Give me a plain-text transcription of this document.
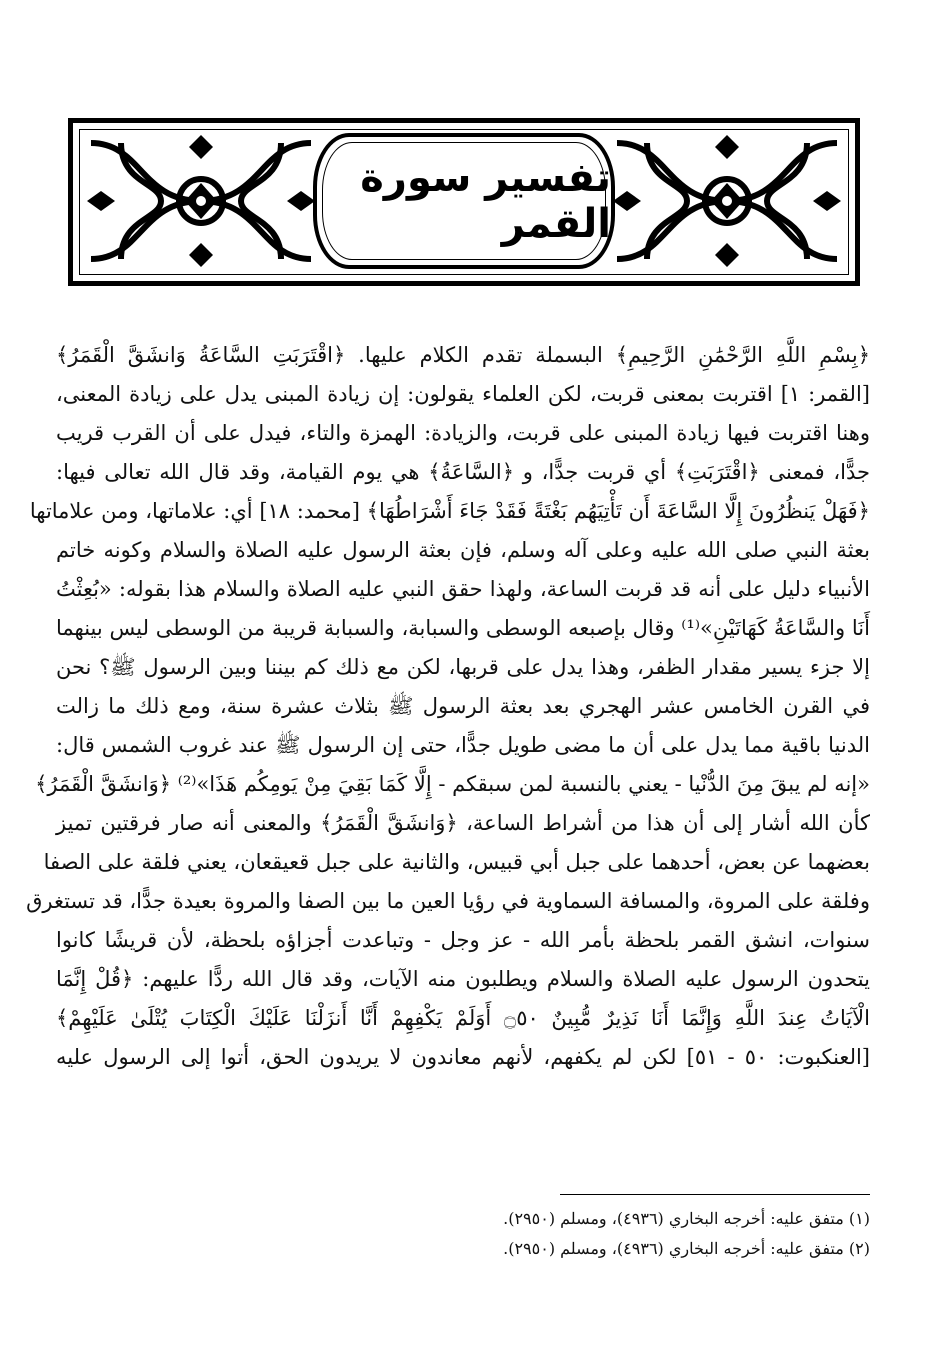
تفسير سورة القمر
﴿بِسْمِ اللَّهِ الرَّحْمَٰنِ الرَّحِيمِ﴾ البسملة تقدم الكلام عليها. ﴿اقْتَرَبَتِ السَّاعَةُ وَانشَقَّ الْقَمَرُ﴾
[القمر: ١] اقتربت بمعنى قربت، لكن العلماء يقولون: إن زيادة المبنى يدل على زيادة المعنى،
وهنا اقتربت فيها زيادة المبنى على قربت، والزيادة: الهمزة والتاء، فيدل على أن القرب قريب
جدًّا، فمعنى ﴿اقْتَرَبَتِ﴾ أي قربت جدًّا، و ﴿السَّاعَةُ﴾ هي يوم القيامة، وقد قال الله تعالى فيها:
﴿فَهَلْ يَنظُرُونَ إِلَّا السَّاعَةَ أَن تَأْتِيَهُم بَغْتَةً فَقَدْ جَاءَ أَشْرَاطُهَا﴾ [محمد: ١٨] أي: علاماتها، ومن علاماتها
بعثة النبي صلى الله عليه وعلى آله وسلم، فإن بعثة الرسول عليه الصلاة والسلام وكونه خاتم
الأنبياء دليل على أنه قد قربت الساعة، ولهذا حقق النبي عليه الصلاة والسلام هذا بقوله: «بُعِثْتُ
أَنَا والسَّاعَةُ كَهَاتَيْنِ»⁽¹⁾ وقال بإصبعه الوسطى والسبابة، والسبابة قريبة من الوسطى ليس بينهما
إلا جزء يسير مقدار الظفر، وهذا يدل على قربها، لكن مع ذلك كم بيننا وبين الرسول ﷺ؟ نحن
في القرن الخامس عشر الهجري بعد بعثة الرسول ﷺ بثلاث عشرة سنة، ومع ذلك ما زالت
الدنيا باقية مما يدل على أن ما مضى طويل جدًّا، حتى إن الرسول ﷺ عند غروب الشمس قال:
«إنه لم يبقَ مِنَ الدُّنْيا - يعني بالنسبة لمن سبقكم - إِلَّا كَمَا بَقِيَ مِنْ يَومِكُم هَذَا»⁽²⁾ ﴿وَانشَقَّ الْقَمَرُ﴾
كأن الله أشار إلى أن هذا من أشراط الساعة، ﴿وَانشَقَّ الْقَمَرُ﴾ والمعنى أنه صار فرقتين تميز
بعضهما عن بعض، أحدهما على جبل أبي قبيس، والثانية على جبل قعيقعان، يعني فلقة على الصفا
وفلقة على المروة، والمسافة السماوية في رؤيا العين ما بين الصفا والمروة بعيدة جدًّا، قد تستغرق
سنوات، انشق القمر بلحظة بأمر الله - عز وجل - وتباعدت أجزاؤه بلحظة، لأن قريشًا كانوا
يتحدون الرسول عليه الصلاة والسلام ويطلبون منه الآيات، وقد قال الله ردًّا عليهم: ﴿قُلْ إِنَّمَا
الْآيَاتُ عِندَ اللَّهِ وَإِنَّمَا أَنَا نَذِيرٌ مُّبِينٌ ۝٥٠ أَوَلَمْ يَكْفِهِمْ أَنَّا أَنزَلْنَا عَلَيْكَ الْكِتَابَ يُتْلَىٰ عَلَيْهِمْ﴾
[العنكبوت: ٥٠ - ٥١] لكن لم يكفهم، لأنهم معاندون لا يريدون الحق، أتوا إلى الرسول عليه
(١) متفق عليه: أخرجه البخاري (٤٩٣٦)، ومسلم (٢٩٥٠).
(٢) متفق عليه: أخرجه البخاري (٤٩٣٦)، ومسلم (٢٩٥٠).
